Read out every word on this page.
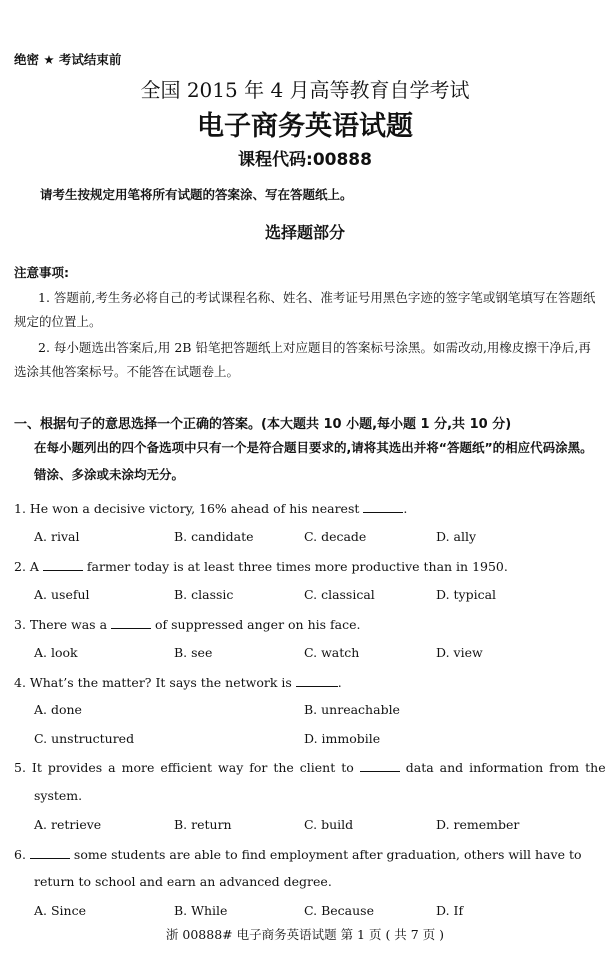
绝密 ★ 考试结束前
全国 2015 年 4 月高等教育自学考试
电子商务英语试题
课程代码:00888
请考生按规定用笔将所有试题的答案涂、写在答题纸上。
选择题部分
注意事项:
1. 答题前,考生务必将自己的考试课程名称、姓名、准考证号用黑色字迹的签字笔或钢笔填写在答题纸规定的位置上。
2. 每小题选出答案后,用 2B 铅笔把答题纸上对应题目的答案标号涂黑。如需改动,用橡皮擦干净后,再选涂其他答案标号。不能答在试题卷上。
一、根据句子的意思选择一个正确的答案。(本大题共 10 小题,每小题 1 分,共 10 分)
在每小题列出的四个备选项中只有一个是符合题目要求的,请将其选出并将“答题纸”的相应代码涂黑。错涂、多涂或未涂均无分。
1. He won a decisive victory, 16% ahead of his nearest	.
A. rival	B. candidate	C. decade	D. ally
2. A	farmer today is at least three times more productive than in 1950.
A. useful	B. classic	C. classical	D. typical
3. There was a	of suppressed anger on his face.
A. look	B. see	C. watch	D. view
4. What’s the matter? It says the network is	.
A. done	B. unreachable
C. unstructured	D. immobile
5. It provides a more efficient way for the client to	data and information from the
system.
A. retrieve	B. return	C. build	D. remember
6.	some students are able to find employment after graduation, others will have to
return to school and earn an advanced degree.
A. Since	B. While	C. Because	D. If
浙 00888# 电子商务英语试题 第 1 页 ( 共 7 页 )
